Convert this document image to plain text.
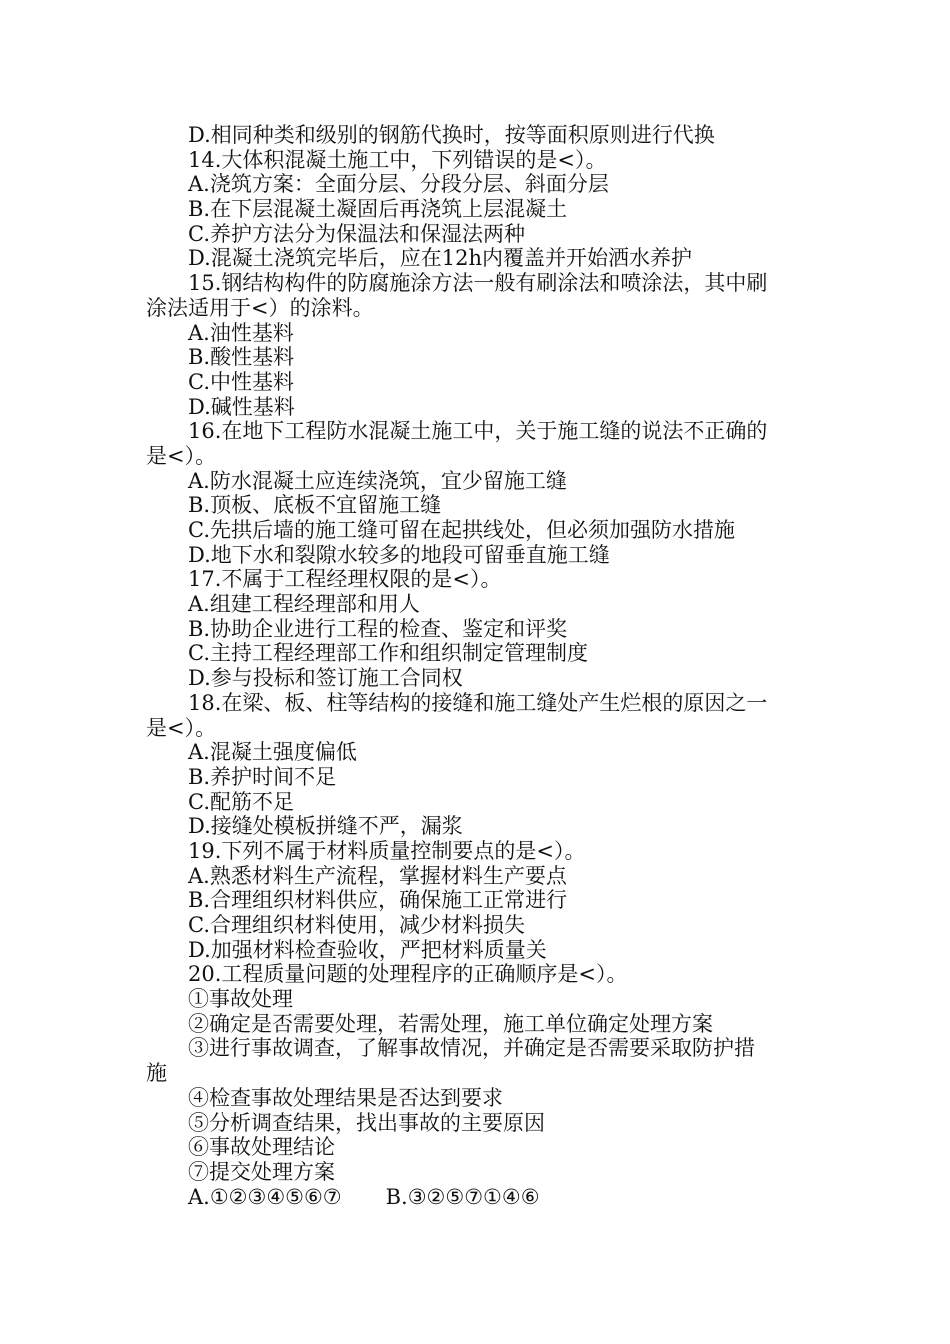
D.相同种类和级别的钢筋代换时，按等面积原则进行代换
14.大体积混凝土施工中，下列错误的是<）。
A.浇筑方案：全面分层、分段分层、斜面分层
B.在下层混凝土凝固后再浇筑上层混凝土
C.养护方法分为保温法和保湿法两种
D.混凝土浇筑完毕后，应在12h内覆盖并开始洒水养护
15.钢结构构件的防腐施涂方法一般有刷涂法和喷涂法，其中刷
涂法适用于<）的涂料。
A.油性基料
B.酸性基料
C.中性基料
D.碱性基料
16.在地下工程防水混凝土施工中，关于施工缝的说法不正确的
是<）。
A.防水混凝土应连续浇筑，宜少留施工缝
B.顶板、底板不宜留施工缝
C.先拱后墙的施工缝可留在起拱线处，但必须加强防水措施
D.地下水和裂隙水较多的地段可留垂直施工缝
17.不属于工程经理权限的是<）。
A.组建工程经理部和用人
B.协助企业进行工程的检查、鉴定和评奖
C.主持工程经理部工作和组织制定管理制度
D.参与投标和签订施工合同权
18.在梁、板、柱等结构的接缝和施工缝处产生烂根的原因之一
是<）。
A.混凝土强度偏低
B.养护时间不足
C.配筋不足
D.接缝处模板拼缝不严，漏浆
19.下列不属于材料质量控制要点的是<）。
A.熟悉材料生产流程，掌握材料生产要点
B.合理组织材料供应，确保施工正常进行
C.合理组织材料使用，减少材料损失
D.加强材料检查验收，严把材料质量关
20.工程质量问题的处理程序的正确顺序是<）。
①事故处理
②确定是否需要处理，若需处理，施工单位确定处理方案
③进行事故调查，了解事故情况，并确定是否需要采取防护措
施
④检查事故处理结果是否达到要求
⑤分析调查结果，找出事故的主要原因
⑥事故处理结论
⑦提交处理方案
A.①②③④⑤⑥⑦ B.③②⑤⑦①④⑥
